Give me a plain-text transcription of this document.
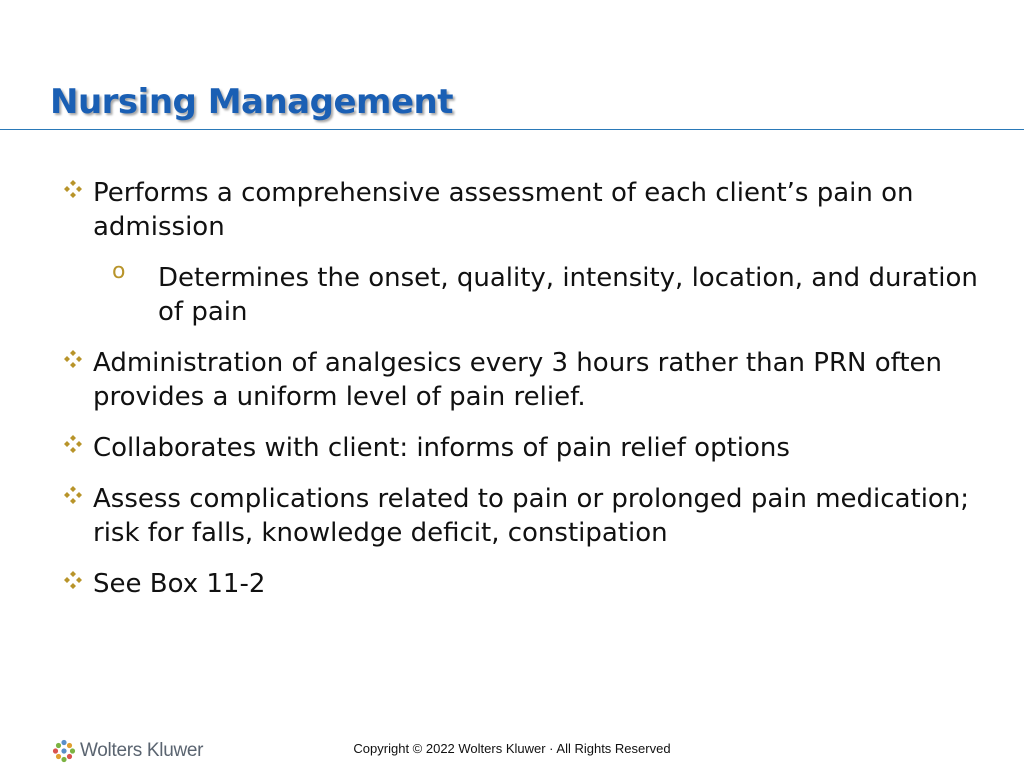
Nursing Management
Performs a comprehensive assessment of each client’s pain on admission
o Determines the onset, quality, intensity, location, and duration of pain
Administration of analgesics every 3 hours rather than PRN often provides a uniform level of pain relief.
Collaborates with client: informs of pain relief options
Assess complications related to pain or prolonged pain medication; risk for falls, knowledge deficit, constipation
See Box 11-2
Wolters Kluwer	Copyright © 2022 Wolters Kluwer · All Rights Reserved
